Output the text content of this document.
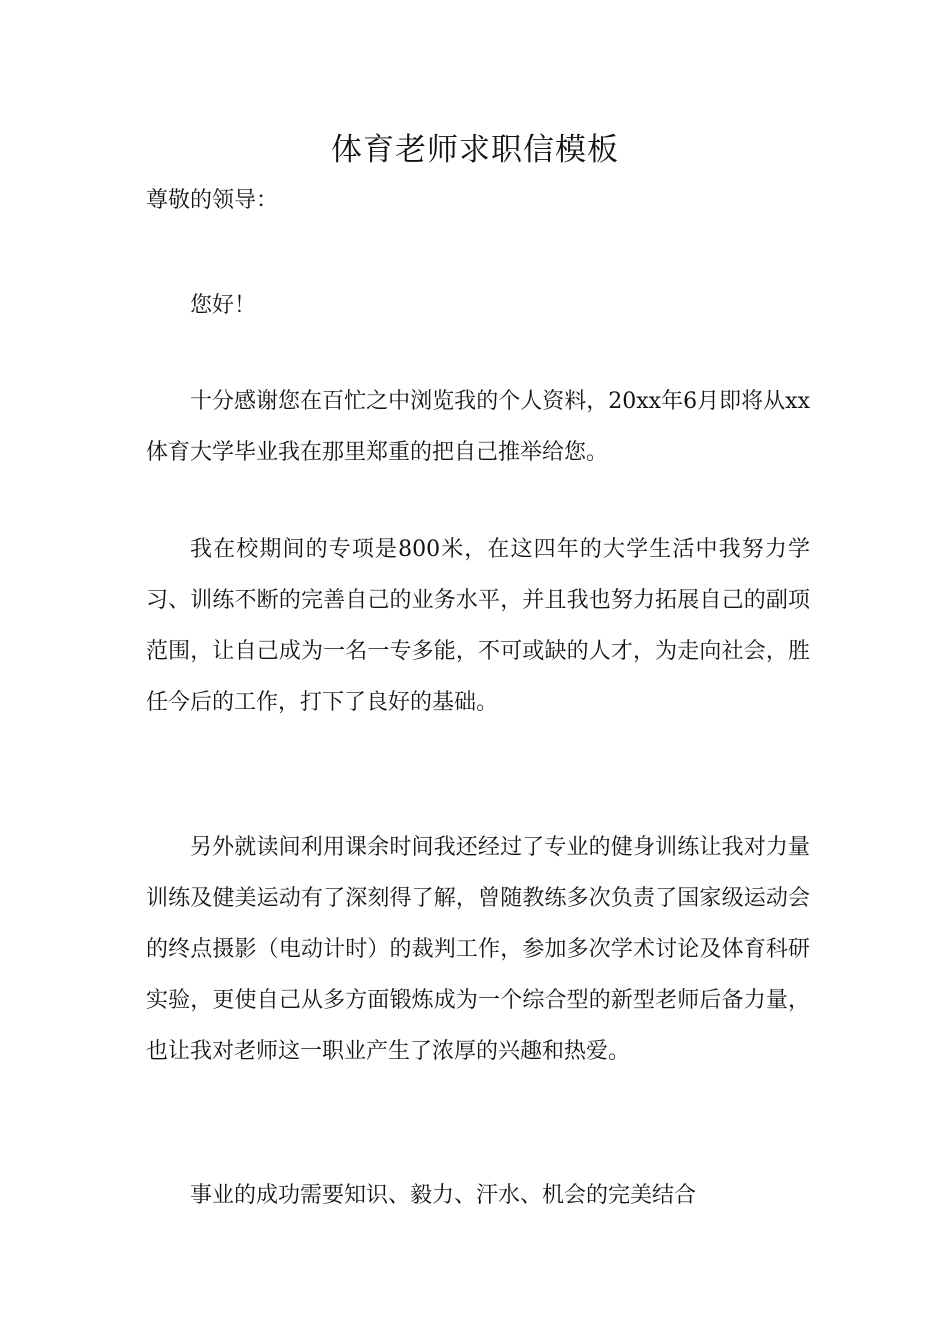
体育老师求职信模板

尊敬的领导：

您好！

十分感谢您在百忙之中浏览我的个人资料，20xx年6月即将从xx体育大学毕业我在那里郑重的把自己推举给您。

我在校期间的专项是800米，在这四年的大学生活中我努力学习、训练不断的完善自己的业务水平，并且我也努力拓展自己的副项范围，让自己成为一名一专多能，不可或缺的人才，为走向社会，胜任今后的工作，打下了良好的基础。

另外就读间利用课余时间我还经过了专业的健身训练让我对力量训练及健美运动有了深刻得了解，曾随教练多次负责了国家级运动会的终点摄影（电动计时）的裁判工作，参加多次学术讨论及体育科研实验，更使自己从多方面锻炼成为一个综合型的新型老师后备力量，也让我对老师这一职业产生了浓厚的兴趣和热爱。

事业的成功需要知识、毅力、汗水、机会的完美结合
